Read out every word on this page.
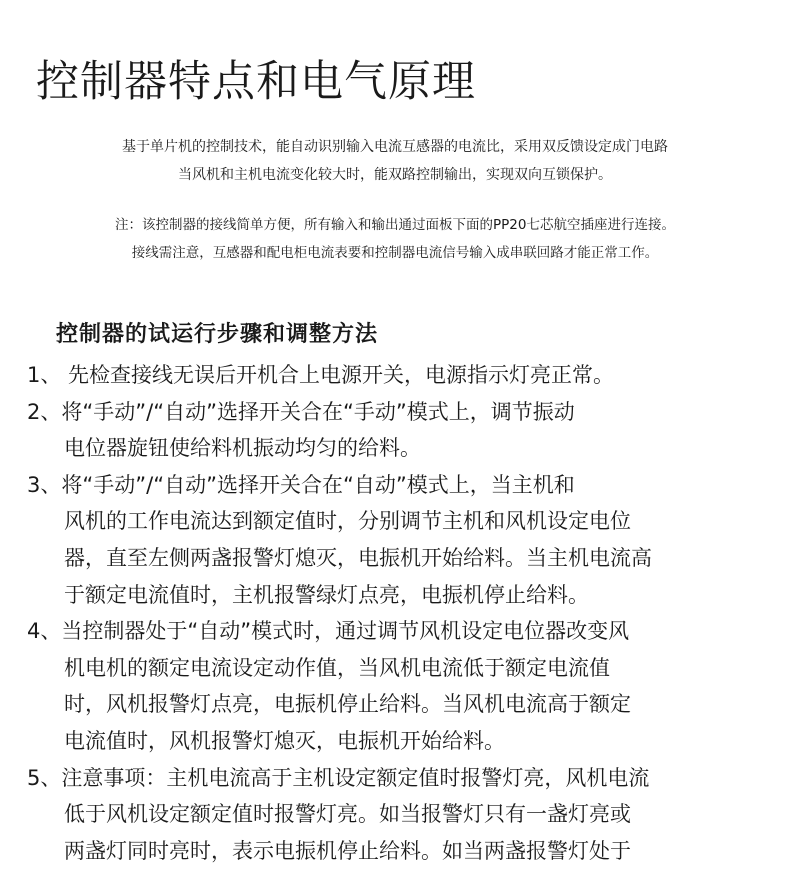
控制器特点和电气原理
基于单片机的控制技术，能自动识别输入电流互感器的电流比，采用双反馈设定成门电路
当风机和主机电流变化较大时，能双路控制输出，实现双向互锁保护。
注：该控制器的接线简单方便，所有输入和输出通过面板下面的PP20七芯航空插座进行连接。
接线需注意，互感器和配电柜电流表要和控制器电流信号输入成串联回路才能正常工作。
控制器的试运行步骤和调整方法
1、 先检查接线无误后开机合上电源开关，电源指示灯亮正常。
2、将“手动”/“自动”选择开关合在“手动”模式上，调节振动
电位器旋钮使给料机振动均匀的给料。
3、将“手动”/“自动”选择开关合在“自动”模式上，当主机和
风机的工作电流达到额定值时，分别调节主机和风机设定电位
器，直至左侧两盏报警灯熄灭，电振机开始给料。当主机电流高
于额定电流值时，主机报警绿灯点亮，电振机停止给料。
4、当控制器处于“自动”模式时，通过调节风机设定电位器改变风
机电机的额定电流设定动作值，当风机电流低于额定电流值
时，风机报警灯点亮，电振机停止给料。当风机电流高于额定
电流值时，风机报警灯熄灭，电振机开始给料。
5、注意事项：主机电流高于主机设定额定值时报警灯亮，风机电流
低于风机设定额定值时报警灯亮。如当报警灯只有一盏灯亮或
两盏灯同时亮时，表示电振机停止给料。如当两盏报警灯处于
